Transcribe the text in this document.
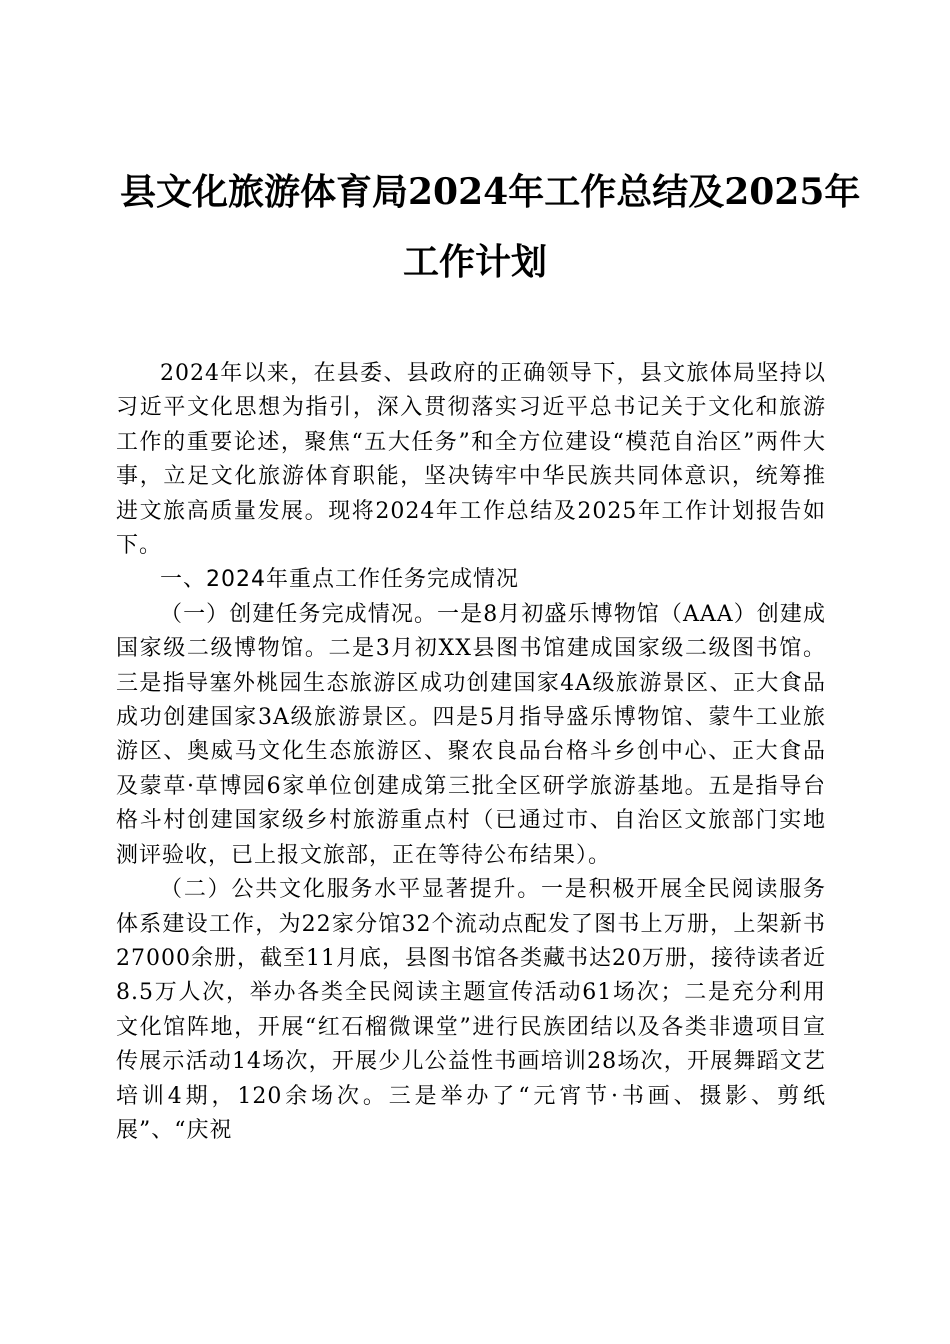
县文化旅游体育局2024年工作总结及2025年
工作计划

2024年以来，在县委、县政府的正确领导下，县文旅体局坚持以习近平文化思想为指引，深入贯彻落实习近平总书记关于文化和旅游工作的重要论述，聚焦“五大任务”和全方位建设“模范自治区”两件大事，立足文化旅游体育职能，坚决铸牢中华民族共同体意识，统筹推进文旅高质量发展。现将2024年工作总结及2025年工作计划报告如下。

一、2024年重点工作任务完成情况

（一）创建任务完成情况。一是8月初盛乐博物馆（AAA）创建成国家级二级博物馆。二是3月初XX县图书馆建成国家级二级图书馆。三是指导塞外桃园生态旅游区成功创建国家4A级旅游景区、正大食品成功创建国家3A级旅游景区。四是5月指导盛乐博物馆、蒙牛工业旅游区、奥威马文化生态旅游区、聚农良品台格斗乡创中心、正大食品及蒙草·草博园6家单位创建成第三批全区研学旅游基地。五是指导台格斗村创建国家级乡村旅游重点村（已通过市、自治区文旅部门实地测评验收，已上报文旅部，正在等待公布结果）。

（二）公共文化服务水平显著提升。一是积极开展全民阅读服务体系建设工作，为22家分馆32个流动点配发了图书上万册，上架新书27000余册，截至11月底，县图书馆各类藏书达20万册，接待读者近8.5万人次，举办各类全民阅读主题宣传活动61场次；二是充分利用文化馆阵地，开展“红石榴微课堂”进行民族团结以及各类非遗项目宣传展示活动14场次，开展少儿公益性书画培训28场次，开展舞蹈文艺培训4期，120余场次。三是举办了“元宵节·书画、摄影、剪纸展”、“庆祝
